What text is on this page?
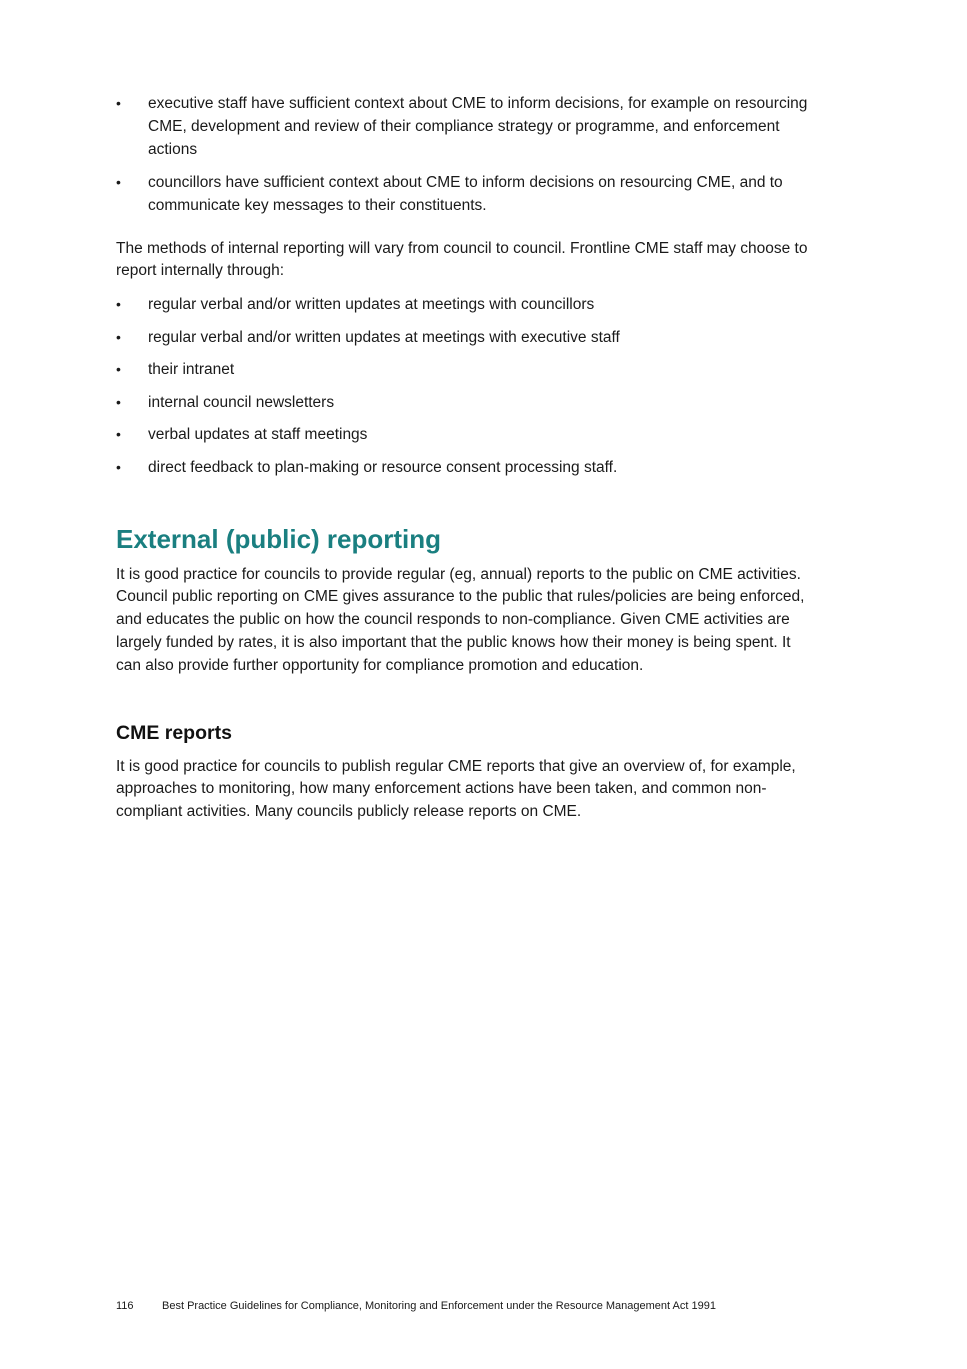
•	executive staff have sufficient context about CME to inform decisions, for example on resourcing CME, development and review of their compliance strategy or programme, and enforcement actions
•	councillors have sufficient context about CME to inform decisions on resourcing CME, and to communicate key messages to their constituents.

The methods of internal reporting will vary from council to council. Frontline CME staff may choose to report internally through:

•	regular verbal and/or written updates at meetings with councillors
•	regular verbal and/or written updates at meetings with executive staff
•	their intranet
•	internal council newsletters
•	verbal updates at staff meetings
•	direct feedback to plan-making or resource consent processing staff.
External (public) reporting

It is good practice for councils to provide regular (eg, annual) reports to the public on CME activities. Council public reporting on CME gives assurance to the public that rules/policies are being enforced, and educates the public on how the council responds to non-compliance. Given CME activities are largely funded by rates, it is also important that the public knows how their money is being spent. It can also provide further opportunity for compliance promotion and education.

CME reports

It is good practice for councils to publish regular CME reports that give an overview of, for example, approaches to monitoring, how many enforcement actions have been taken, and common non-compliant activities. Many councils publicly release reports on CME.

116	Best Practice Guidelines for Compliance, Monitoring and Enforcement under the Resource Management Act 1991
